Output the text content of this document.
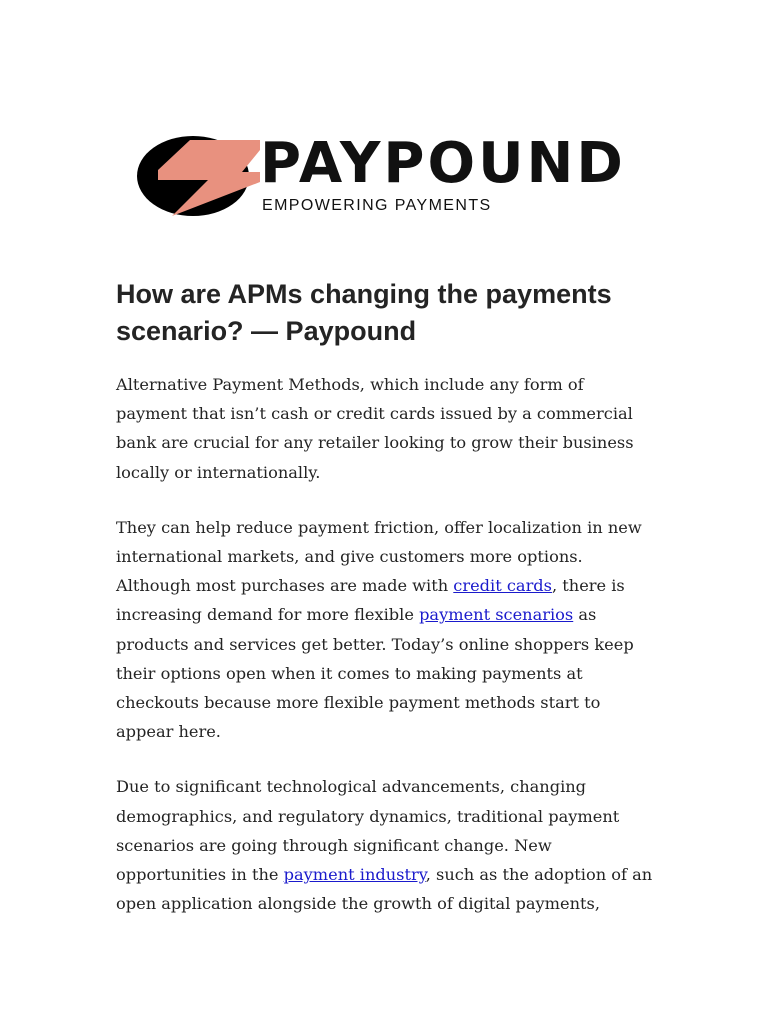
PAYPOUND
EMPOWERING PAYMENTS
How are APMs changing the payments scenario? — Paypound

Alternative Payment Methods, which include any form of payment that isn’t cash or credit cards issued by a commercial bank are crucial for any retailer looking to grow their business locally or internationally.

They can help reduce payment friction, offer localization in new international markets, and give customers more options. Although most purchases are made with credit cards, there is increasing demand for more flexible payment scenarios as products and services get better. Today’s online shoppers keep their options open when it comes to making payments at checkouts because more flexible payment methods start to appear here.

Due to significant technological advancements, changing demographics, and regulatory dynamics, traditional payment scenarios are going through significant change. New opportunities in the payment industry, such as the adoption of an open application alongside the growth of digital payments,
